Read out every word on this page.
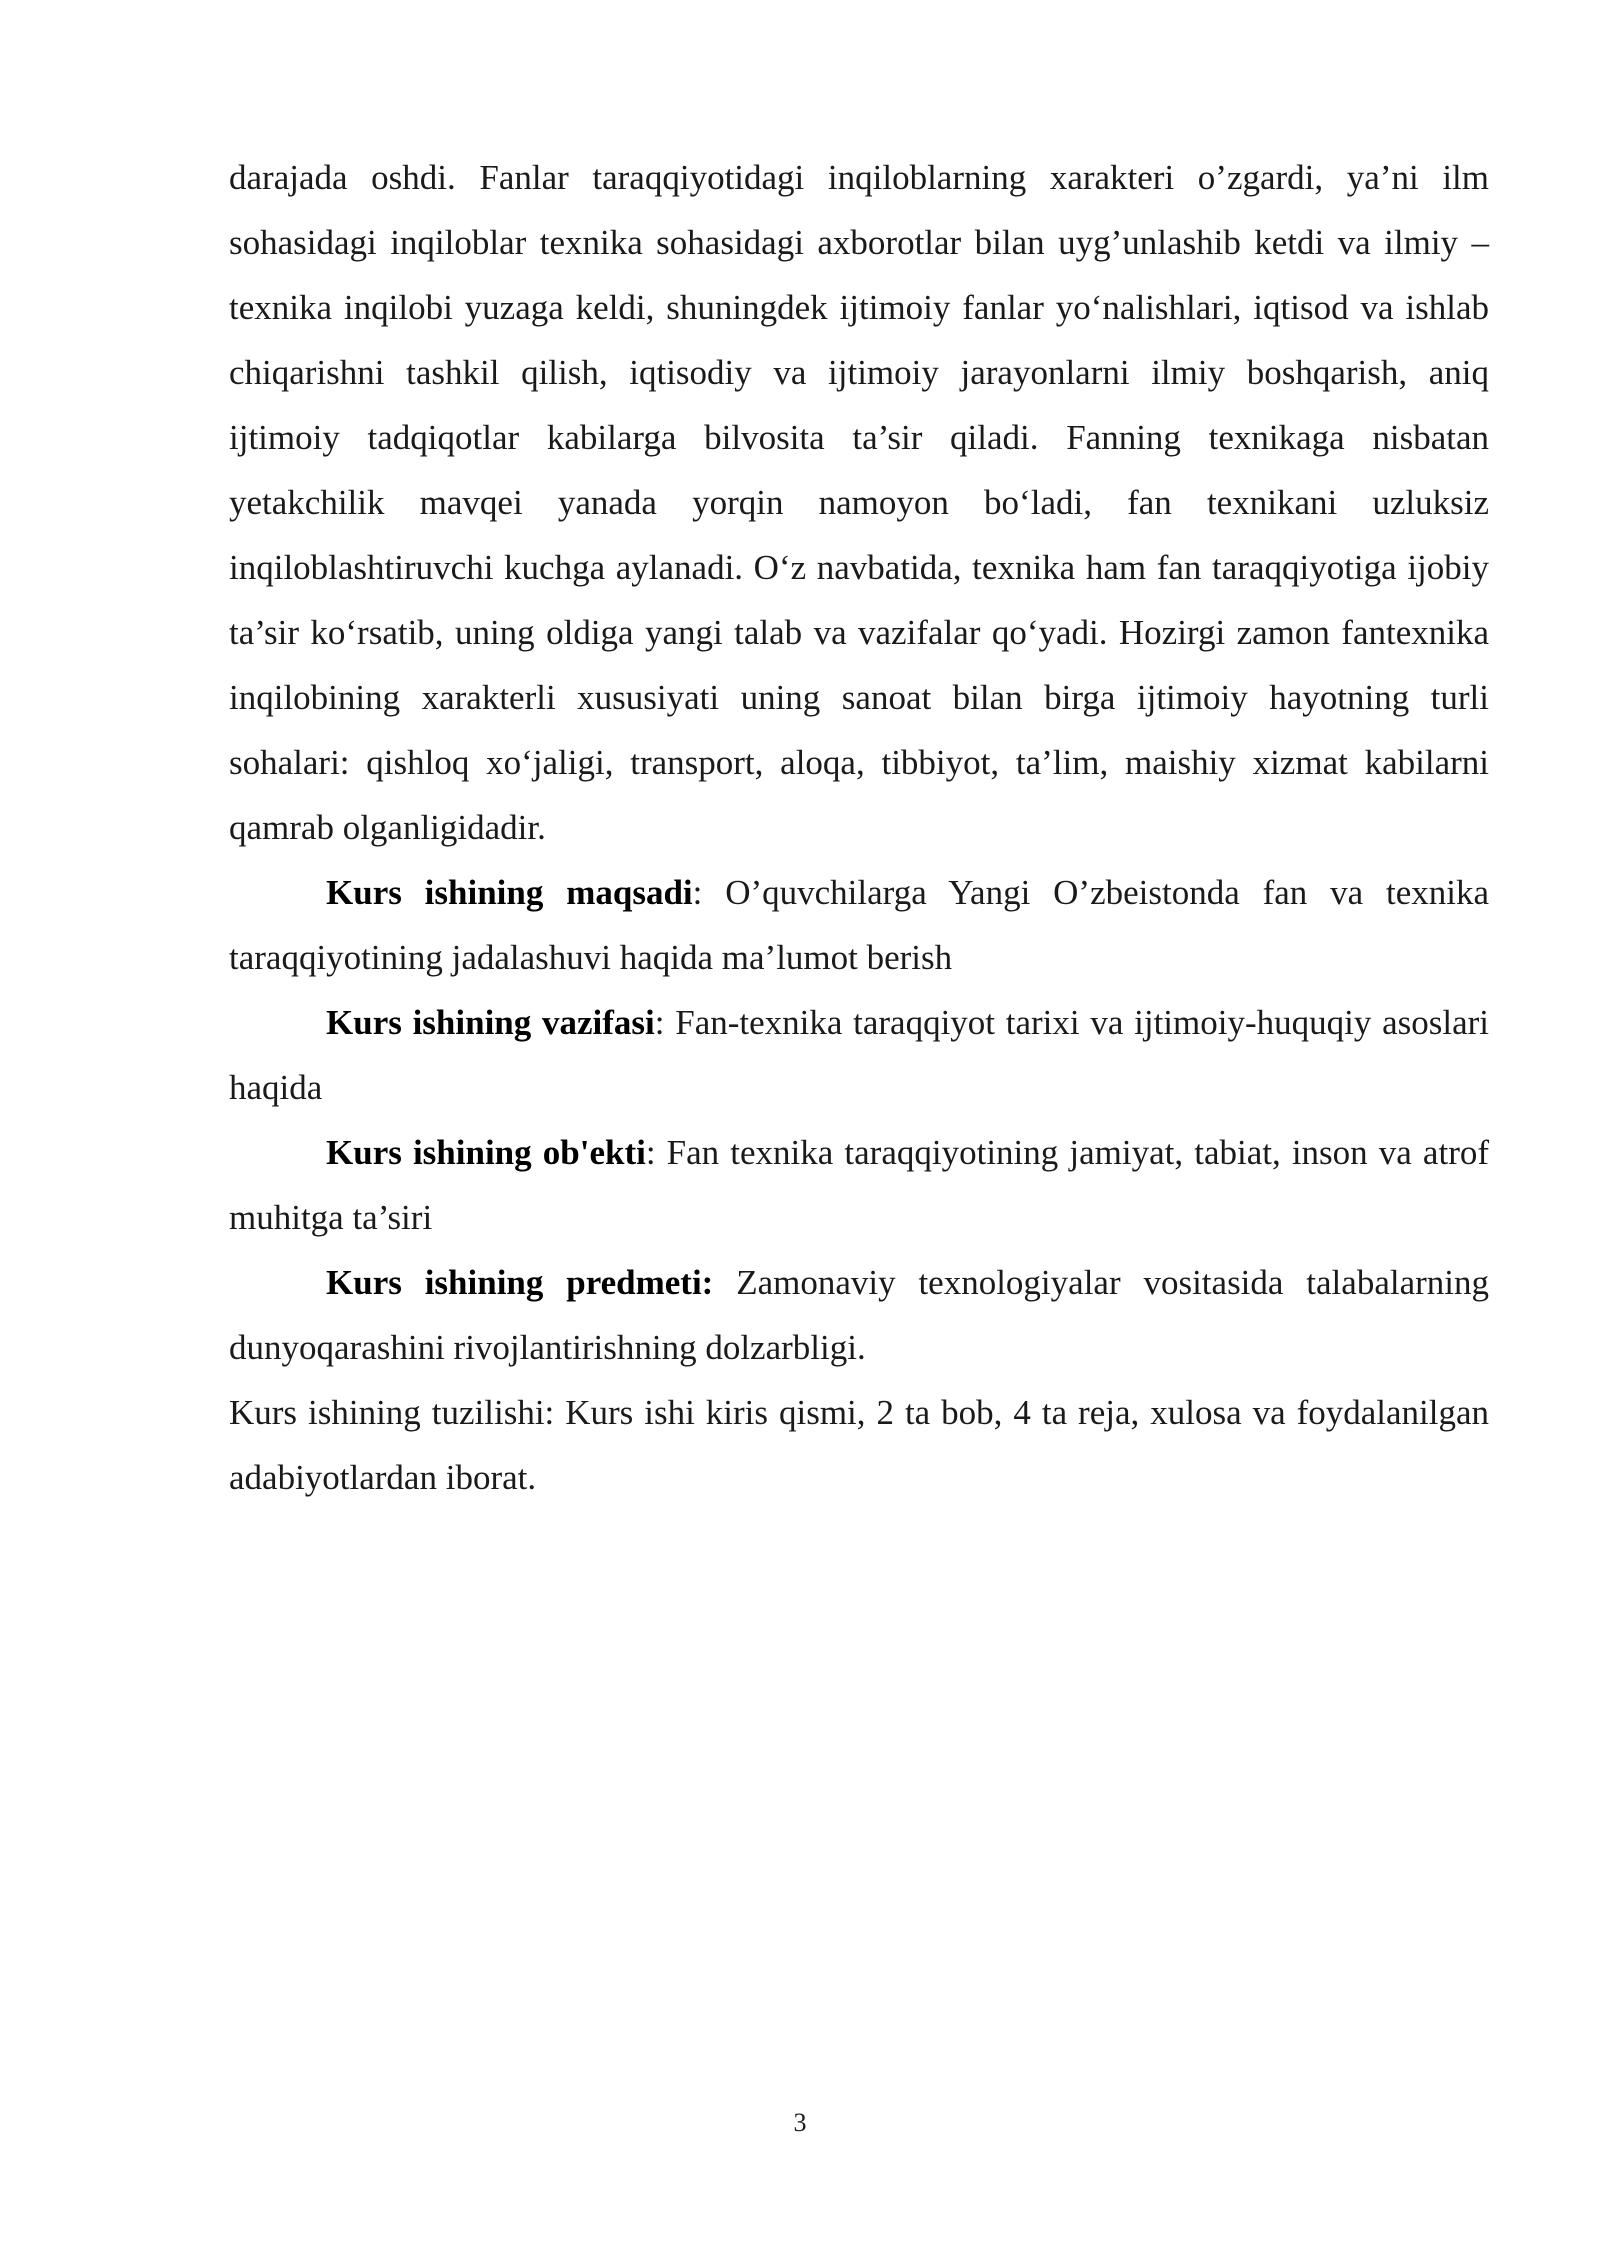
darajada oshdi. Fanlar taraqqiyotidagi inqiloblarning xarakteri o’zgardi, ya’ni ilm sohasidagi inqiloblar texnika sohasidagi axborotlar bilan uyg’unlashib ketdi va ilmiy – texnika inqilobi yuzaga keldi, shuningdek ijtimoiy fanlar yo‘nalishlari, iqtisod va ishlab chiqarishni tashkil qilish, iqtisodiy va ijtimoiy jarayonlarni ilmiy boshqarish, aniq ijtimoiy tadqiqotlar kabilarga bilvosita ta’sir qiladi. Fanning texnikaga nisbatan yetakchilik mavqei yanada yorqin namoyon bo‘ladi, fan texnikani uzluksiz inqiloblashtiruvchi kuchga aylanadi. O‘z navbatida, texnika ham fan taraqqiyotiga ijobiy ta’sir ko‘rsatib, uning oldiga yangi talab va vazifalar qo‘yadi. Hozirgi zamon fantexnika inqilobining xarakterli xususiyati uning sanoat bilan birga ijtimoiy hayotning turli sohalari: qishloq xo‘jaligi, transport, aloqa, tibbiyot, ta’lim, maishiy xizmat kabilarni qamrab olganligidadir.

Kurs ishining maqsadi: O’quvchilarga Yangi O’zbeistonda fan va texnika taraqqiyotining jadalashuvi haqida ma’lumot berish

Kurs ishining vazifasi: Fan-texnika taraqqiyot tarixi va ijtimoiy-huquqiy asoslari haqida

Kurs ishining ob'ekti: Fan texnika taraqqiyotining jamiyat, tabiat, inson va atrof muhitga ta’siri

Kurs ishining predmeti: Zamonaviy texnologiyalar vositasida talabalarning dunyoqarashini rivojlantirishning dolzarbligi.

Kurs ishining tuzilishi: Kurs ishi kiris qismi, 2 ta bob, 4 ta reja, xulosa va foydalanilgan adabiyotlardan iborat.

3
